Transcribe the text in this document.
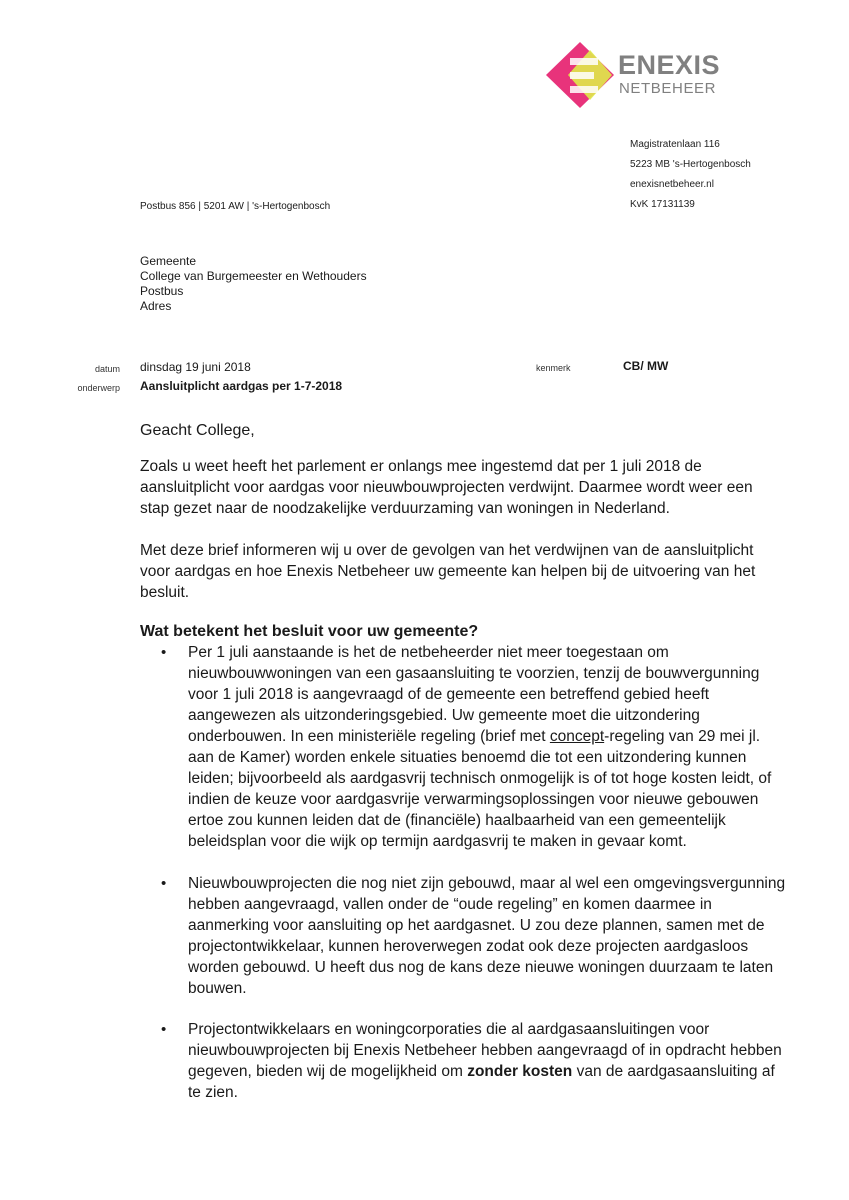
ENEXIS
NETBEHEER
Magistratenlaan 116
5223 MB 's-Hertogenbosch
enexisnetbeheer.nl
KvK 17131139
Postbus 856 | 5201 AW | 's-Hertogenbosch
Gemeente
College van Burgemeester en Wethouders
Postbus
Adres
datum dinsdag 19 juni 2018
onderwerp Aansluitplicht aardgas per 1-7-2018
kenmerk	CB/ MW
Geacht College,

Zoals u weet heeft het parlement er onlangs mee ingestemd dat per 1 juli 2018 de aansluitplicht voor aardgas voor nieuwbouwprojecten verdwijnt. Daarmee wordt weer een stap gezet naar de noodzakelijke verduurzaming van woningen in Nederland.

Met deze brief informeren wij u over de gevolgen van het verdwijnen van de aansluitplicht voor aardgas en hoe Enexis Netbeheer uw gemeente kan helpen bij de uitvoering van het besluit.

Wat betekent het besluit voor uw gemeente?
• Per 1 juli aanstaande is het de netbeheerder niet meer toegestaan om nieuwbouwwoningen van een gasaansluiting te voorzien, tenzij de bouwvergunning voor 1 juli 2018 is aangevraagd of de gemeente een betreffend gebied heeft aangewezen als uitzonderingsgebied. Uw gemeente moet die uitzondering onderbouwen. In een ministeriële regeling (brief met concept-regeling van 29 mei jl. aan de Kamer) worden enkele situaties benoemd die tot een uitzondering kunnen leiden; bijvoorbeeld als aardgasvrij technisch onmogelijk is of tot hoge kosten leidt, of indien de keuze voor aardgasvrije verwarmingsoplossingen voor nieuwe gebouwen ertoe zou kunnen leiden dat de (financiële) haalbaarheid van een gemeentelijk beleidsplan voor die wijk op termijn aardgasvrij te maken in gevaar komt.
• Nieuwbouwprojecten die nog niet zijn gebouwd, maar al wel een omgevingsvergunning hebben aangevraagd, vallen onder de “oude regeling” en komen daarmee in aanmerking voor aansluiting op het aardgasnet. U zou deze plannen, samen met de projectontwikkelaar, kunnen heroverwegen zodat ook deze projecten aardgasloos worden gebouwd. U heeft dus nog de kans deze nieuwe woningen duurzaam te laten bouwen.
• Projectontwikkelaars en woningcorporaties die al aardgasaansluitingen voor nieuwbouwprojecten bij Enexis Netbeheer hebben aangevraagd of in opdracht hebben gegeven, bieden wij de mogelijkheid om zonder kosten van de aardgasaansluiting af te zien.
